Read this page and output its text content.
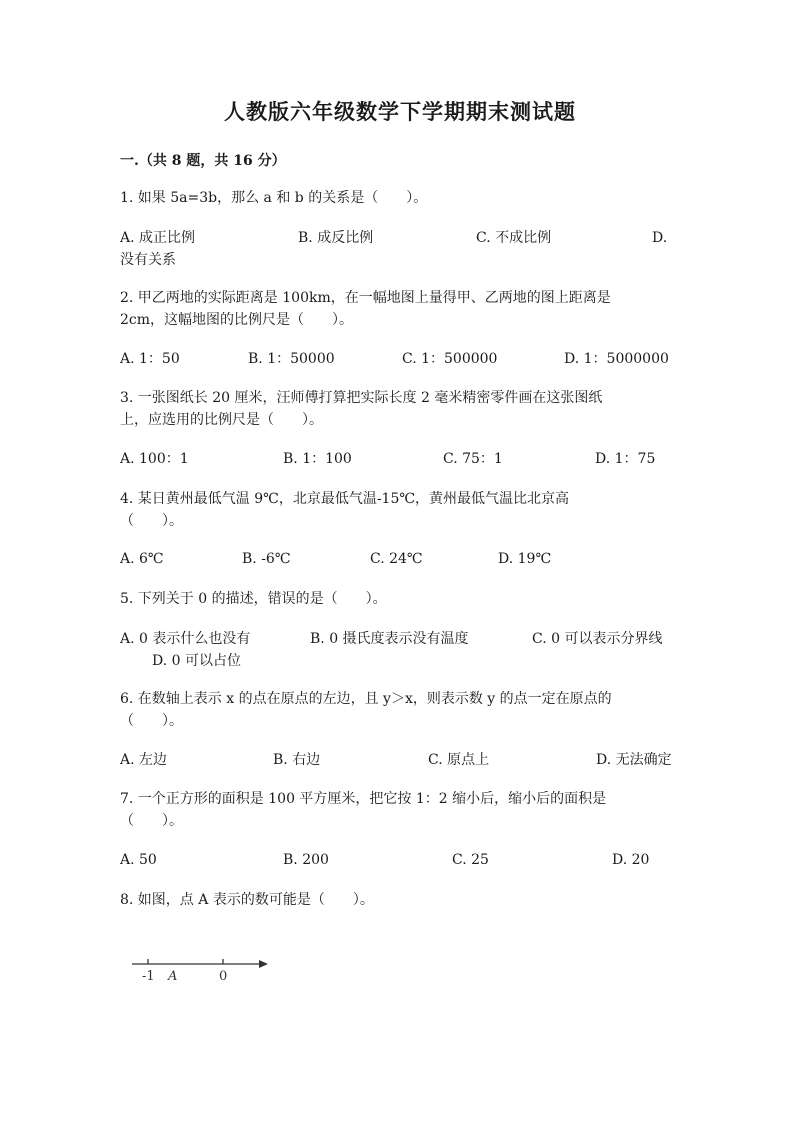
人教版六年级数学下学期期末测试题
一.（共 8 题，共 16 分）
1. 如果 5a=3b，那么 a 和 b 的关系是（　　）。
A. 成正比例	B. 成反比例	C. 不成比例	D.
没有关系
2. 甲乙两地的实际距离是 100km，在一幅地图上量得甲、乙两地的图上距离是
2cm，这幅地图的比例尺是（　　）。
A. 1：50	B. 1：50000	C. 1：500000	D. 1：5000000
3. 一张图纸长 20 厘米，汪师傅打算把实际长度 2 毫米精密零件画在这张图纸
上，应选用的比例尺是（　　）。
A. 100：1	B. 1：100	C. 75：1	D. 1：75
4. 某日黄州最低气温 9℃，北京最低气温-15℃，黄州最低气温比北京高
（　　）。
A. 6℃	B. -6℃	C. 24℃	D. 19℃
5. 下列关于 0 的描述，错误的是（　　）。
A. 0 表示什么也没有	B. 0 摄氏度表示没有温度	C. 0 可以表示分界线
D. 0 可以占位
6. 在数轴上表示 x 的点在原点的左边，且 y＞x，则表示数 y 的点一定在原点的
（　　）。
A. 左边	B. 右边	C. 原点上	D. 无法确定
7. 一个正方形的面积是 100 平方厘米，把它按 1：2 缩小后，缩小后的面积是
（　　）。
A. 50	B. 200	C. 25	D. 20
8. 如图，点 A 表示的数可能是（　　）。
-1 A	0
